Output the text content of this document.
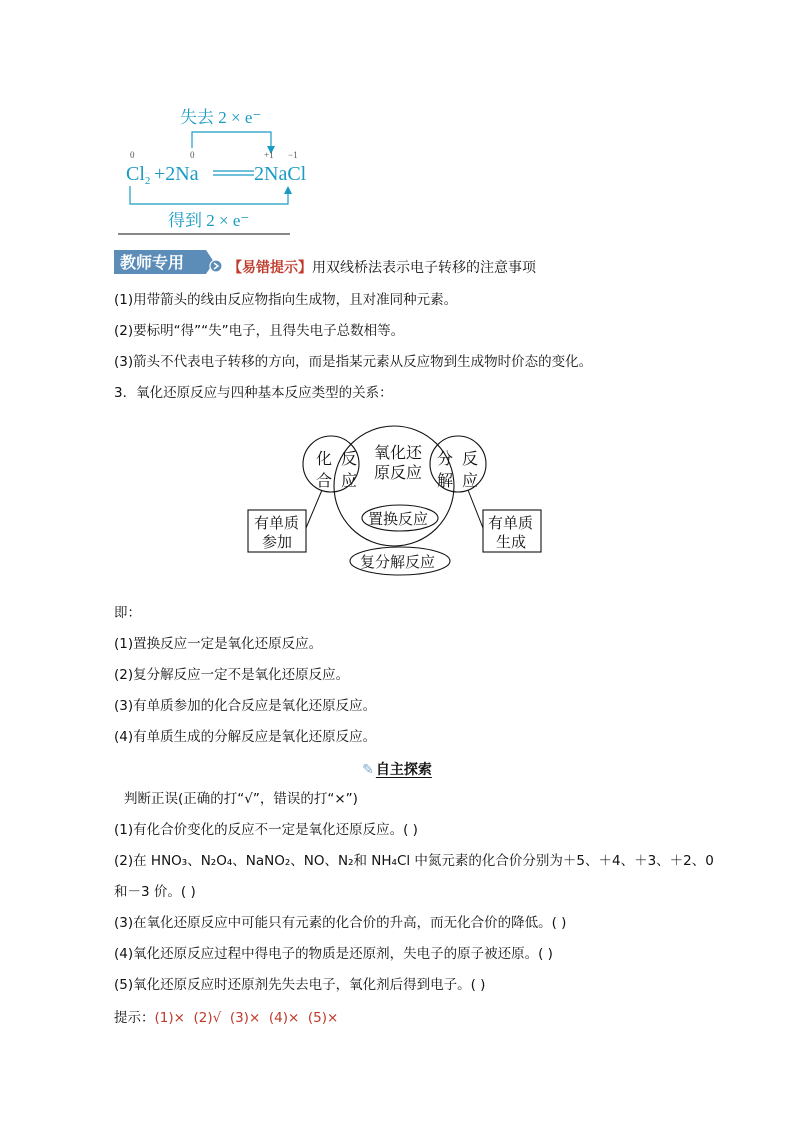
失去 2 × e⁻
0	0	+1 −1
$Cl_2 +2Na$	2NaCl
得到 2 × e⁻
教师专用	【易错提示】用双线桥法表示电子转移的注意事项
(1)用带箭头的线由反应物指向生成物，且对准同种元素。
(2)要标明“得”“失”电子，且得失电子总数相等。
(3)箭头不代表电子转移的方向，而是指某元素从反应物到生成物时价态的变化。
3．氧化还原反应与四种基本反应类型的关系：
氧化还
原反应
化
合
反
应
分
解
反
应
置换反应
复分解反应
有单质
参加
有单质
生成
即：
(1)置换反应一定是氧化还原反应。
(2)复分解反应一定不是氧化还原反应。
(3)有单质参加的化合反应是氧化还原反应。
(4)有单质生成的分解反应是氧化还原反应。
✎ 自主探索
判断正误(正确的打“√”，错误的打“×”)
(1)有化合价变化的反应不一定是氧化还原反应。( )
(2)在 HNO₃、N₂O₄、NaNO₂、NO、N₂和 NH₄Cl 中氮元素的化合价分别为＋5、＋4、＋3、＋2、0
和－3 价。( )
(3)在氧化还原反应中可能只有元素的化合价的升高，而无化合价的降低。( )
(4)氧化还原反应过程中得电子的物质是还原剂，失电子的原子被还原。( )
(5)氧化还原反应时还原剂先失去电子，氧化剂后得到电子。( )
提示：(1)×  (2)√  (3)×  (4)×  (5)×
